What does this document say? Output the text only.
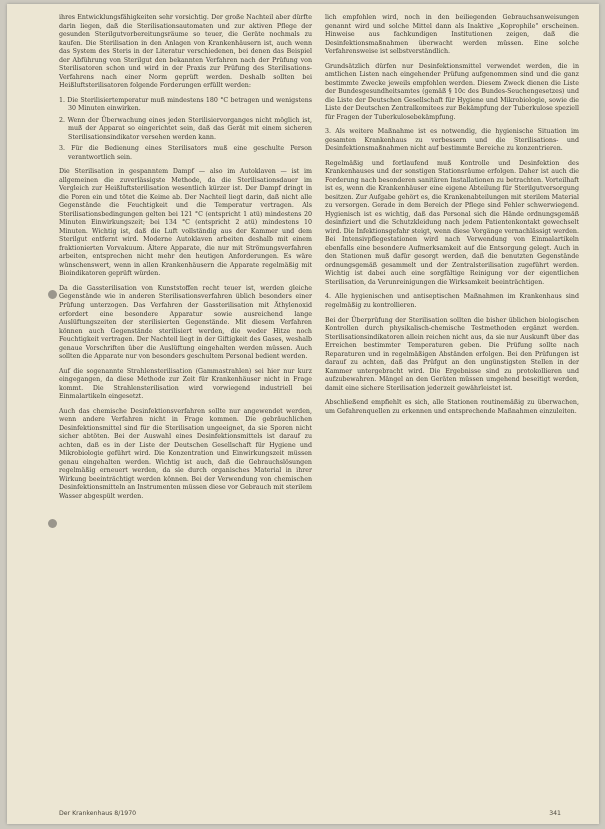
ihres Entwicklungsfähigkeiten sehr vorsichtig. Der große Nachteil aber dürfte darin liegen, daß die Sterilisationsautomaten und zur aktiven Pflege der gesunden Sterilgutvorbereitungsräume so teuer, die Geräte nochmals zu kaufen. Die Sterilisation in den Anlagen von Krankenhäusern ist, auch wenn das System des Steris in der Literatur verschiedenen, bei denen das Beispiel der Abführung von Sterilgut den bekannten Verfahren nach der Prüfung von Sterilisatoren schon und wird in der Praxis zur Prüfung des Sterilisations-Verfahrens nach einer Norm geprüft werden. Deshalb sollten bei Heißluftsterilisatoren folgende Forderungen erfüllt werden:

1. Die Sterilisiertemperatur muß mindestens 180 °C betragen und wenigstens 30 Minuten einwirken.

2. Wenn der Überwachung eines jeden Sterilisiervorganges nicht möglich ist, muß der Apparat so eingerichtet sein, daß das Gerät mit einem sicheren Sterilisationsindikator versehen werden kann.

3. Für die Bedienung eines Sterilisators muß eine geschulte Person verantwortlich sein.

Die Sterilisation in gespanntem Dampf — also im Autoklaven — ist im allgemeinen die zuverlässigste Methode, da die Sterilisationsdauer im Vergleich zur Heißluftsterilisation wesentlich kürzer ist. Der Dampf dringt in die Poren ein und tötet die Keime ab. Der Nachteil liegt darin, daß nicht alle Gegenstände die Feuchtigkeit und die Temperatur vertragen. Als Sterilisationsbedingungen gelten bei 121 °C (entspricht 1 atü) mindestens 20 Minuten Einwirkungszeit; bei 134 °C (entspricht 2 atü) mindestens 10 Minuten. Wichtig ist, daß die Luft vollständig aus der Kammer und dem Sterilgut entfernt wird. Moderne Autoklaven arbeiten deshalb mit einem fraktionierten Vorvakuum. Ältere Apparate, die nur mit Strömungsverfahren arbeiten, entsprechen nicht mehr den heutigen Anforderungen. Es wäre wünschenswert, wenn in allen Krankenhäusern die Apparate regelmäßig mit Bioindikatoren geprüft würden.

Da die Gassterilisation von Kunststoffen recht teuer ist, werden gleiche Gegenstände wie in anderen Sterilisationsverfahren üblich besonders einer Prüfung unterzogen. Das Verfahren der Gassterilisation mit Äthylenoxid erfordert eine besondere Apparatur sowie ausreichend lange Auslüftungszeiten der sterilisierten Gegenstände. Mit diesem Verfahren können auch Gegenstände sterilisiert werden, die weder Hitze noch Feuchtigkeit vertragen. Der Nachteil liegt in der Giftigkeit des Gases, weshalb genaue Vorschriften über die Auslüftung eingehalten werden müssen. Auch sollten die Apparate nur von besonders geschultem Personal bedient werden.

Auf die sogenannte Strahlensterilisation (Gammastrahlen) sei hier nur kurz eingegangen, da diese Methode zur Zeit für Krankenhäuser nicht in Frage kommt. Die Strahlensterilisation wird vorwiegend industriell bei Einmalartikeln eingesetzt.

Auch das chemische Desinfektionsverfahren sollte nur angewendet werden, wenn andere Verfahren nicht in Frage kommen. Die gebräuchlichen Desinfektionsmittel sind für die Sterilisation ungeeignet, da sie Sporen nicht sicher abtöten. Bei der Auswahl eines Desinfektionsmittels ist darauf zu achten, daß es in der Liste der Deutschen Gesellschaft für Hygiene und Mikrobiologie geführt wird. Die Konzentration und Einwirkungszeit müssen genau eingehalten werden. Wichtig ist auch, daß die Gebrauchslösungen regelmäßig erneuert werden, da sie durch organisches Material in ihrer Wirkung beeinträchtigt werden können. Bei der Verwendung von chemischen Desinfektionsmitteln an Instrumenten müssen diese vor Gebrauch mit sterilem Wasser abgespült werden.

lich empfohlen wird, noch in den beiliegenden Gebrauchsanweisungen genannt wird und solche Mittel dann als Inaktive „Koprophile" erscheinen. Hinweise aus fachkundigen Institutionen zeigen, daß die Desinfektionsmaßnahmen überwacht werden müssen. Eine solche Verfahrensweise ist selbstverständlich.

Grundsätzlich dürfen nur Desinfektionsmittel verwendet werden, die in amtlichen Listen nach eingehender Prüfung aufgenommen sind und die ganz bestimmte Zwecke jeweils empfohlen werden. Diesem Zweck dienen die Liste der Bundesgesundheitsamtes (gemäß § 10c des Bundes-Seuchengesetzes) und die Liste der Deutschen Gesellschaft für Hygiene und Mikrobiologie, sowie die Liste der Deutschen Zentralkomitees zur Bekämpfung der Tuberkulose speziell für Fragen der Tuberkulosebekämpfung.

3. Als weitere Maßnahme ist es notwendig, die hygienische Situation im gesamten Krankenhaus zu verbessern und die Sterilisations- und Desinfektionsmaßnahmen nicht auf bestimmte Bereiche zu konzentrieren.

Regelmäßig und fortlaufend muß Kontrolle und Desinfektion des Krankenhauses und der sonstigen Stationsräume erfolgen. Daher ist auch die Forderung nach besonderen sanitären Installationen zu betrachten. Vorteilhaft ist es, wenn die Krankenhäuser eine eigene Abteilung für Sterilgutversorgung besitzen. Zur Aufgabe gehört es, die Krankenabteilungen mit sterilem Material zu versorgen. Gerade in dem Bereich der Pflege sind Fehler schwerwiegend. Hygienisch ist es wichtig, daß das Personal sich die Hände ordnungsgemäß desinfiziert und die Schutzkleidung nach jedem Patientenkontakt gewechselt wird. Die Infektionsgefahr steigt, wenn diese Vorgänge vernachlässigt werden. Bei Intensivpflegestationen wird nach Verwendung von Einmalartikeln ebenfalls eine besondere Aufmerksamkeit auf die Entsorgung gelegt. Auch in den Stationen muß dafür gesorgt werden, daß die benutzten Gegenstände ordnungsgemäß gesammelt und der Zentralsterilisation zugeführt werden. Wichtig ist dabei auch eine sorgfältige Reinigung vor der eigentlichen Sterilisation, da Verunreinigungen die Wirksamkeit beeinträchtigen.

4. Alle hygienischen und antiseptischen Maßnahmen im Krankenhaus sind regelmäßig zu kontrollieren.

Bei der Überprüfung der Sterilisation sollten die bisher üblichen biologischen Kontrollen durch physikalisch-chemische Testmethoden ergänzt werden. Sterilisationsindikatoren allein reichen nicht aus, da sie nur Auskunft über das Erreichen bestimmter Temperaturen geben. Die Prüfung sollte nach Reparaturen und in regelmäßigen Abständen erfolgen. Bei den Prüfungen ist darauf zu achten, daß das Prüfgut an den ungünstigsten Stellen in der Kammer untergebracht wird. Die Ergebnisse sind zu protokollieren und aufzubewahren. Mängel an den Geräten müssen umgehend beseitigt werden, damit eine sichere Sterilisation jederzeit gewährleistet ist.

Abschließend empfiehlt es sich, alle Stationen routinemäßig zu überwachen, um Gefahrenquellen zu erkennen und entsprechende Maßnahmen einzuleiten.

Der Krankenhaus 8/1970	341
